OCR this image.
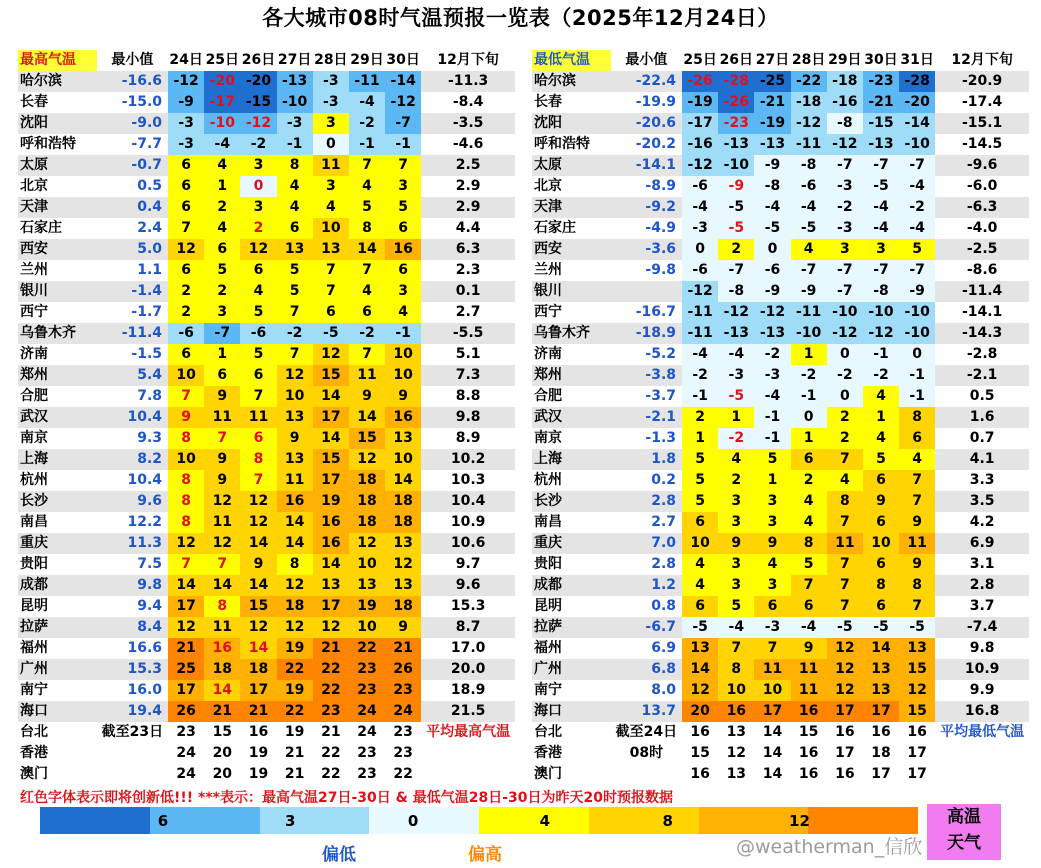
各大城市08时气温预报一览表（2025年12月24日）
最高气温	最小值	24日	25日	26日	27日	28日	29日	30日	12月下旬
哈尔滨	-16.6	-12	-20	-20	-13	-3	-11	-14	-11.3
长春	-15.0	-9	-17	-15	-10	-3	-4	-12	-8.4
沈阳	-9.0	-3	-10	-12	-3	3	-2	-7	-3.5
呼和浩特	-7.7	-3	-4	-2	-1	0	-1	-1	-4.6
太原	-0.7	6	4	3	8	11	7	7	2.5
北京	0.5	6	1	0	4	3	4	3	2.9
天津	0.4	6	2	3	4	4	5	5	2.9
石家庄	2.4	7	4	2	6	10	8	6	4.4
西安	5.0	12	6	12	13	13	14	16	6.3
兰州	1.1	6	5	6	5	7	7	6	2.3
银川	-1.4	2	2	4	5	7	4	3	0.1
西宁	-1.7	2	3	5	7	6	6	4	2.7
乌鲁木齐	-11.4	-6	-7	-6	-2	-5	-2	-1	-5.5
济南	-1.5	6	1	5	7	12	7	10	5.1
郑州	5.4	10	6	6	12	15	11	10	7.3
合肥	7.8	7	9	7	10	14	9	9	8.8
武汉	10.4	9	11	11	13	17	14	16	9.8
南京	9.3	8	7	6	9	14	15	13	8.9
上海	8.2	10	9	8	13	15	12	10	10.2
杭州	10.4	8	9	7	11	17	18	14	10.3
长沙	9.6	8	12	12	16	19	18	18	10.4
南昌	12.2	8	11	12	14	16	18	18	10.9
重庆	11.3	12	12	14	14	16	12	13	10.6
贵阳	7.5	7	7	9	8	14	10	12	9.7
成都	9.8	14	14	14	12	13	13	13	9.6
昆明	9.4	17	8	15	18	17	19	18	15.3
拉萨	8.4	12	11	12	12	12	10	9	8.7
福州	16.6	21	16	14	19	21	22	21	17.0
广州	15.3	25	18	18	22	22	23	26	20.0
南宁	16.0	17	14	17	19	22	23	23	18.9
海口	19.4	26	21	21	22	23	24	24	21.5
台北	截至23日	23	15	16	19	21	24	23	平均最高气温
香港		24	20	19	21	22	23	23	
澳门		24	20	19	21	22	23	22	
最低气温	最小值	25日	26日	27日	28日	29日	30日	31日	12月下旬
哈尔滨	-22.4	-26	-28	-25	-22	-18	-23	-28	-20.9
长春	-19.9	-19	-26	-21	-18	-16	-21	-20	-17.4
沈阳	-20.6	-17	-23	-19	-12	-8	-15	-14	-15.1
呼和浩特	-20.2	-16	-13	-13	-11	-12	-13	-10	-14.5
太原	-14.1	-12	-10	-9	-8	-7	-7	-7	-9.6
北京	-8.9	-6	-9	-8	-6	-3	-5	-4	-6.0
天津	-9.2	-4	-5	-4	-4	-2	-4	-2	-6.3
石家庄	-4.9	-3	-5	-5	-5	-3	-4	-4	-4.0
西安	-3.6	0	2	0	4	3	3	5	-2.5
兰州	-9.8	-6	-7	-6	-7	-7	-7	-7	-8.6
银川		-12	-8	-9	-9	-7	-8	-9	-11.4
西宁	-16.7	-11	-12	-12	-11	-10	-10	-10	-14.1
乌鲁木齐	-18.9	-11	-13	-13	-10	-12	-12	-10	-14.3
济南	-5.2	-4	-4	-2	1	0	-1	0	-2.8
郑州	-3.8	-2	-3	-3	-2	-2	-2	-1	-2.1
合肥	-3.7	-1	-5	-4	-1	0	4	-1	0.5
武汉	-2.1	2	1	-1	0	2	1	8	1.6
南京	-1.3	1	-2	-1	1	2	4	6	0.7
上海	1.8	5	4	5	6	7	5	4	4.1
杭州	0.2	5	2	1	2	4	6	7	3.3
长沙	2.8	5	3	3	4	8	9	7	3.5
南昌	2.7	6	3	3	4	7	6	9	4.2
重庆	7.0	10	9	9	8	11	10	11	6.9
贵阳	2.8	4	3	4	5	7	6	9	3.1
成都	1.2	4	3	3	7	7	8	8	2.8
昆明	0.8	6	5	6	6	7	6	7	3.7
拉萨	-6.7	-5	-4	-3	-4	-5	-5	-5	-7.4
福州	6.9	13	7	7	9	12	14	13	9.8
广州	6.8	14	8	11	11	12	13	15	10.9
南宁	8.0	12	10	10	11	12	13	12	9.9
海口	13.7	20	16	17	16	17	17	15	16.8
台北	截至24日	16	13	14	15	16	16	16	平均最低气温
香港	08时	15	12	14	16	17	18	17	
澳门		16	13	14	16	16	17	17	
红色字体表示即将创新低!!! ***表示：最高气温27日-30日 & 最低气温28日-30日为昨天20时预报数据
6	3	0	4	8	12	高温
天气
偏低	偏高	@weatherman_信欣
